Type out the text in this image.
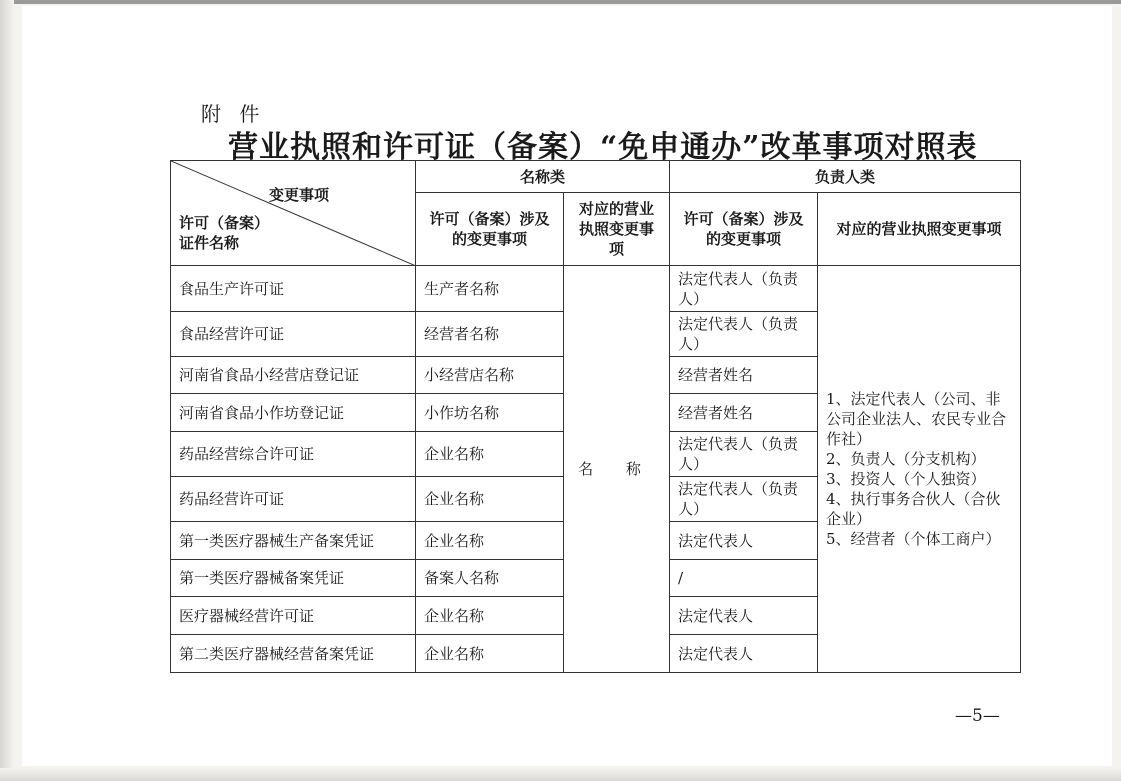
附 件
营业执照和许可证（备案）“免申通办”改革事项对照表
变更事项
许可（备案）证件名称	名称类		负责人类	
	许可（备案）涉及的变更事项	对应的营业执照变更事项	许可（备案）涉及的变更事项	对应的营业执照变更事项
食品生产许可证	生产者名称	名 称	法定代表人（负责人）	1、法定代表人（公司、非公司企业法人、农民专业合作社）
2、负责人（分支机构）
3、投资人（个人独资）
4、执行事务合伙人（合伙企业）
5、经营者（个体工商户）

食品经营许可证	经营者名称		法定代表人（负责人）	
河南省食品小经营店登记证	小经营店名称		经营者姓名	
河南省食品小作坊登记证	小作坊名称		经营者姓名	
药品经营综合许可证	企业名称		法定代表人（负责人）	
药品经营许可证	企业名称		法定代表人（负责人）	
第一类医疗器械生产备案凭证	企业名称		法定代表人	
第一类医疗器械备案凭证	备案人名称		/	
医疗器械经营许可证	企业名称		法定代表人	
第二类医疗器械经营备案凭证	企业名称		法定代表人	
—5—
